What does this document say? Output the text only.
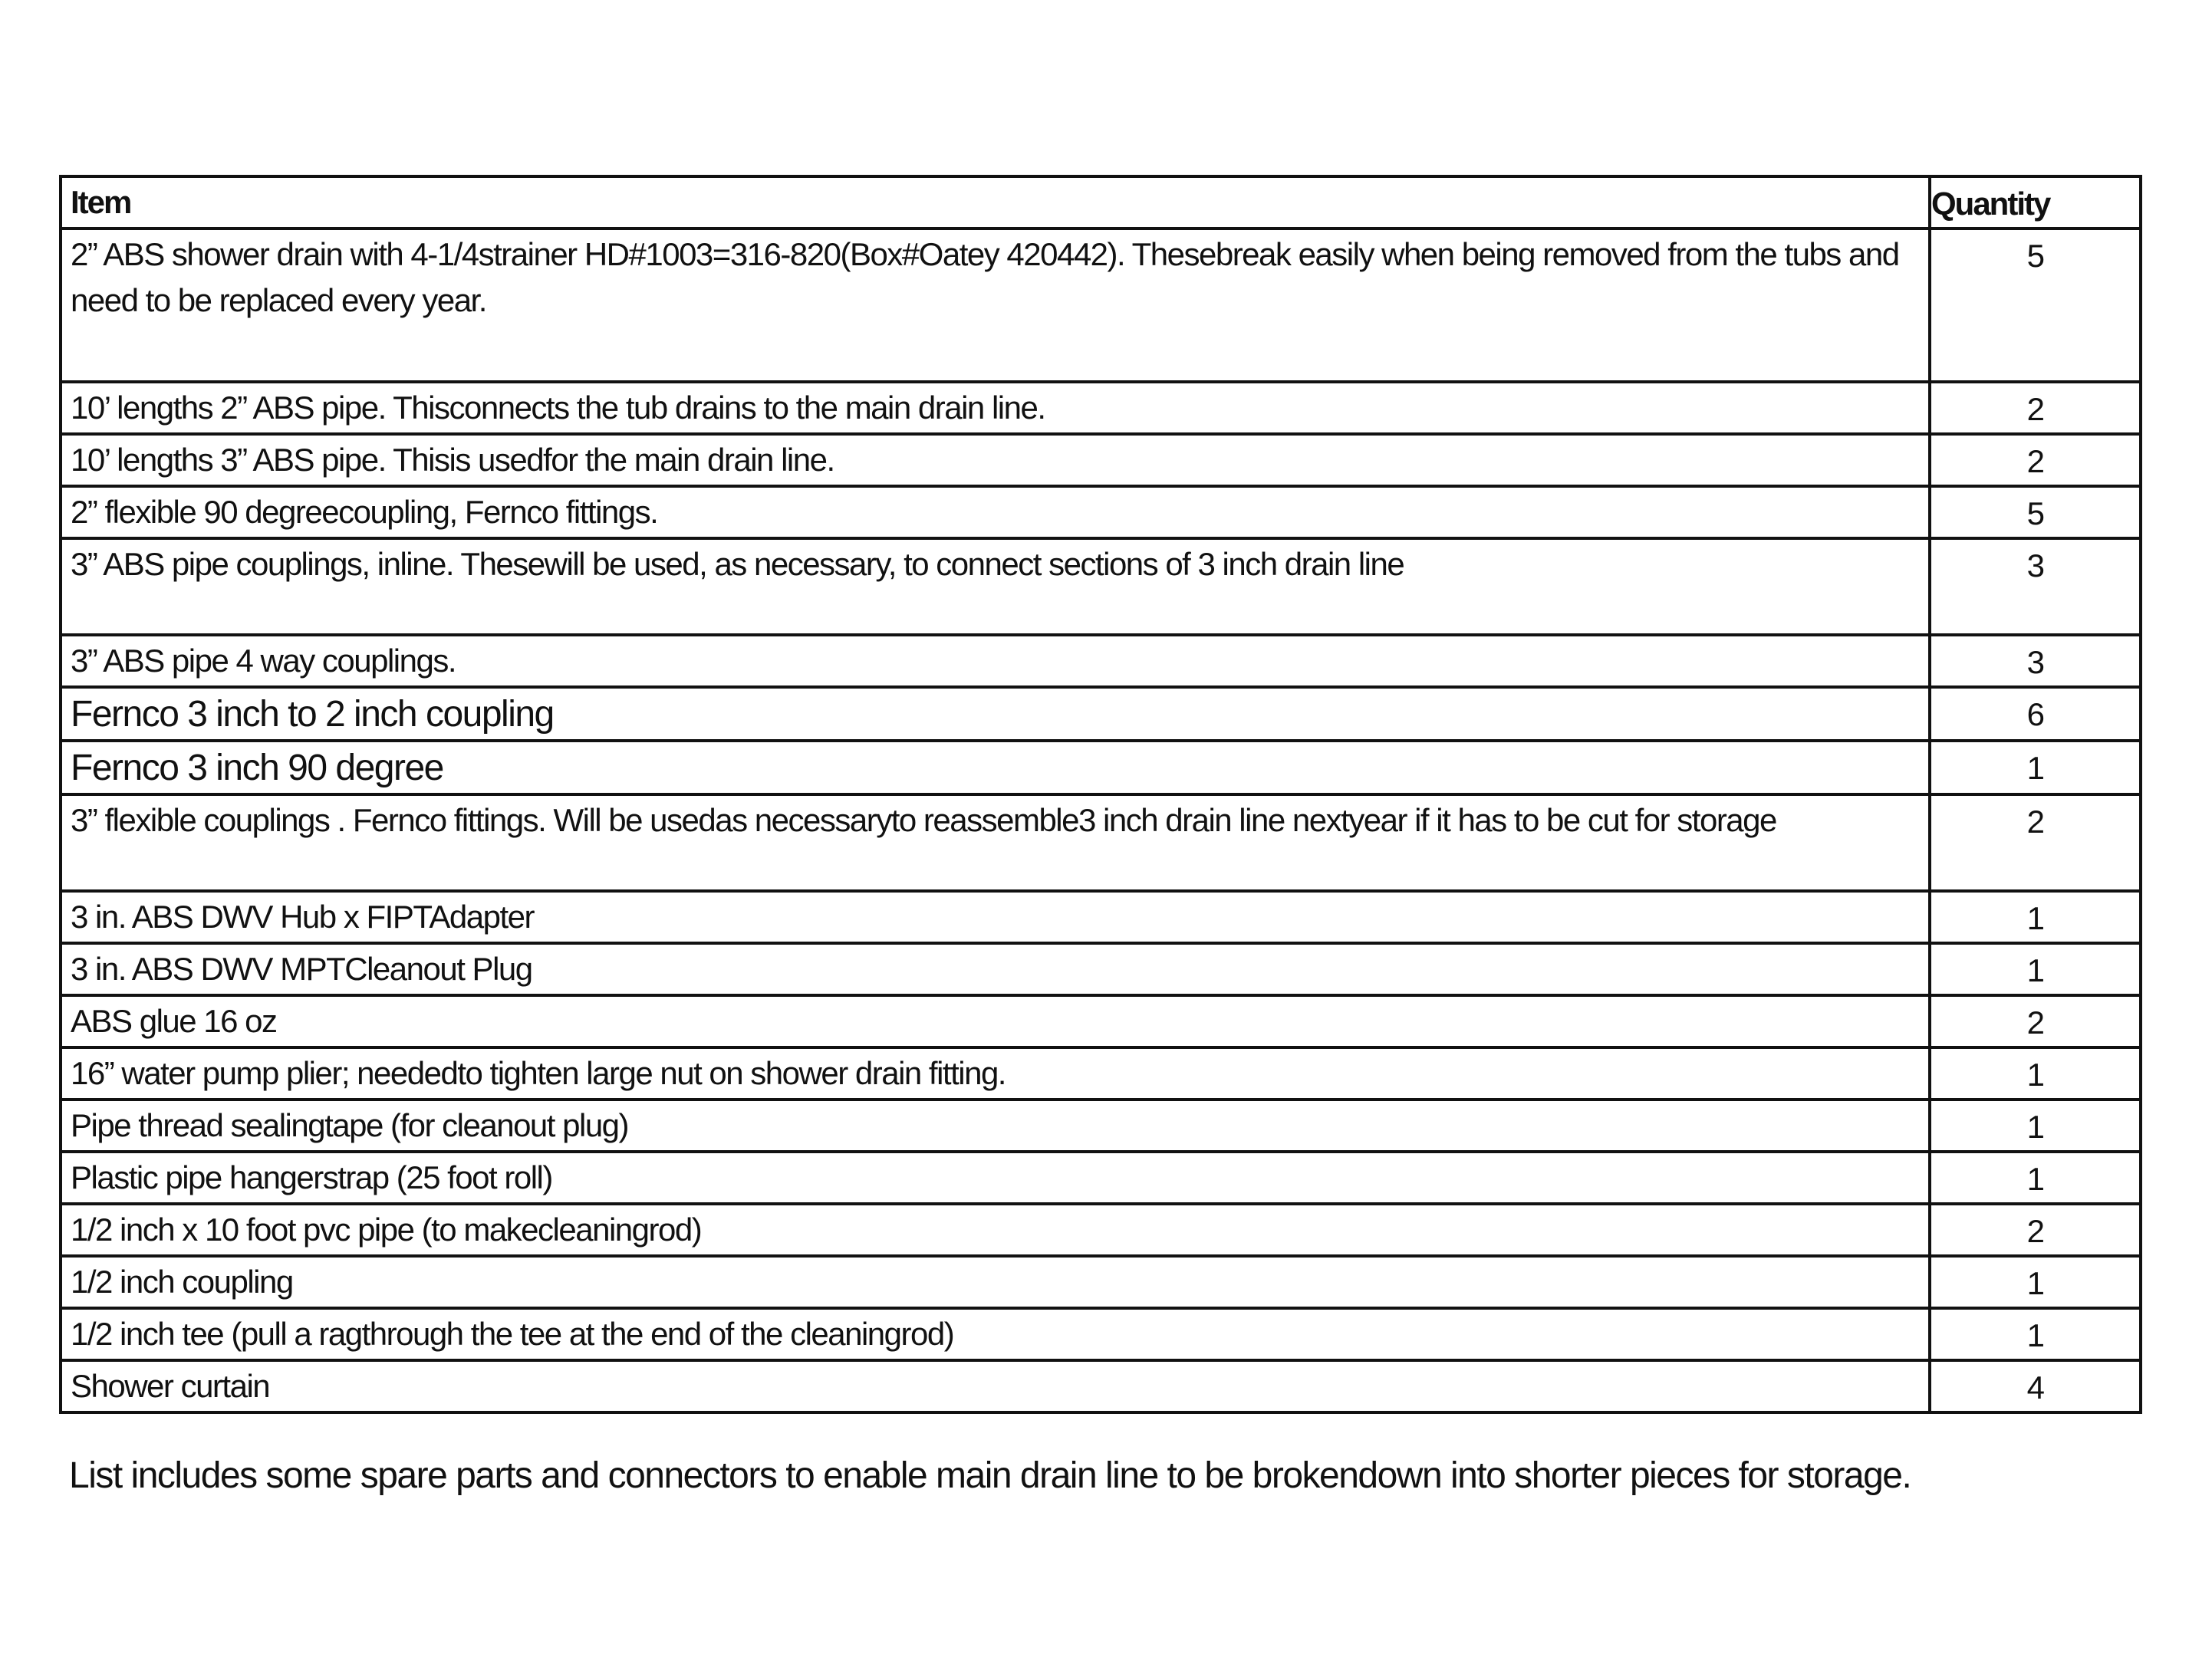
Item	Quantity
2” ABS shower drain with 4-1/4strainer HD#1003=316-820(Box#Oatey 420442). Thesebreak easily when being removed from the tubs and need to be replaced every year.	5
10’ lengths 2” ABS pipe. Thisconnects the tub drains to the main drain line.	2
10’ lengths 3” ABS pipe. Thisis usedfor the main drain line.	2
2” flexible 90 degreecoupling, Fernco fittings.	5
3” ABS pipe couplings, inline. Thesewill be used, as necessary, to connect sections of 3 inch drain line	3
3” ABS pipe 4 way couplings.	3
Fernco 3 inch to 2 inch coupling	6
Fernco 3 inch 90 degree	1
3” flexible couplings . Fernco fittings. Will be usedas necessaryto reassemble3 inch drain line nextyear if it has to be cut for storage	2
3 in. ABS DWV Hub x FIPTAdapter	1
3 in. ABS DWV MPTCleanout Plug	1
ABS glue 16 oz	2
16” water pump plier; neededto tighten large nut on shower drain fitting.	1
Pipe thread sealingtape (for cleanout plug)	1
Plastic pipe hangerstrap (25 foot roll)	1
1/2 inch x 10 foot pvc pipe (to makecleaningrod)	2
1/2 inch coupling	1
1/2 inch tee (pull a ragthrough the tee at the end of the cleaningrod)	1
Shower curtain	4

List includes some spare parts and connectors to enable main drain line to be brokendown into shorter pieces for storage.
